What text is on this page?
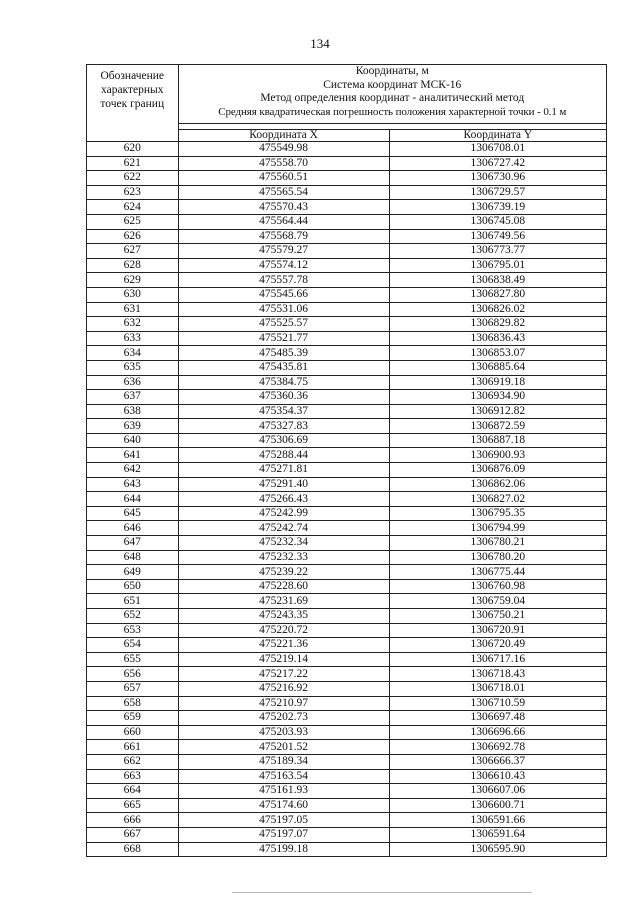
134
Обозначение характерных точек границ	Координаты, м
Система координат МСК-16
Метод определения координат - аналитический метод
Средняя квадратическая погрешность положения характерной точки - 0.1 м	

	Координата X	Координата Y
620	475549.98	1306708.01
621	475558.70	1306727.42
622	475560.51	1306730.96
623	475565.54	1306729.57
624	475570.43	1306739.19
625	475564.44	1306745.08
626	475568.79	1306749.56
627	475579.27	1306773.77
628	475574.12	1306795.01
629	475557.78	1306838.49
630	475545.66	1306827.80
631	475531.06	1306826.02
632	475525.57	1306829.82
633	475521.77	1306836.43
634	475485.39	1306853.07
635	475435.81	1306885.64
636	475384.75	1306919.18
637	475360.36	1306934.90
638	475354.37	1306912.82
639	475327.83	1306872.59
640	475306.69	1306887.18
641	475288.44	1306900.93
642	475271.81	1306876.09
643	475291.40	1306862.06
644	475266.43	1306827.02
645	475242.99	1306795.35
646	475242.74	1306794.99
647	475232.34	1306780.21
648	475232.33	1306780.20
649	475239.22	1306775.44
650	475228.60	1306760.98
651	475231.69	1306759.04
652	475243.35	1306750.21
653	475220.72	1306720.91
654	475221.36	1306720.49
655	475219.14	1306717.16
656	475217.22	1306718.43
657	475216.92	1306718.01
658	475210.97	1306710.59
659	475202.73	1306697.48
660	475203.93	1306696.66
661	475201.52	1306692.78
662	475189.34	1306666.37
663	475163.54	1306610.43
664	475161.93	1306607.06
665	475174.60	1306600.71
666	475197.05	1306591.66
667	475197.07	1306591.64
668	475199.18	1306595.90
